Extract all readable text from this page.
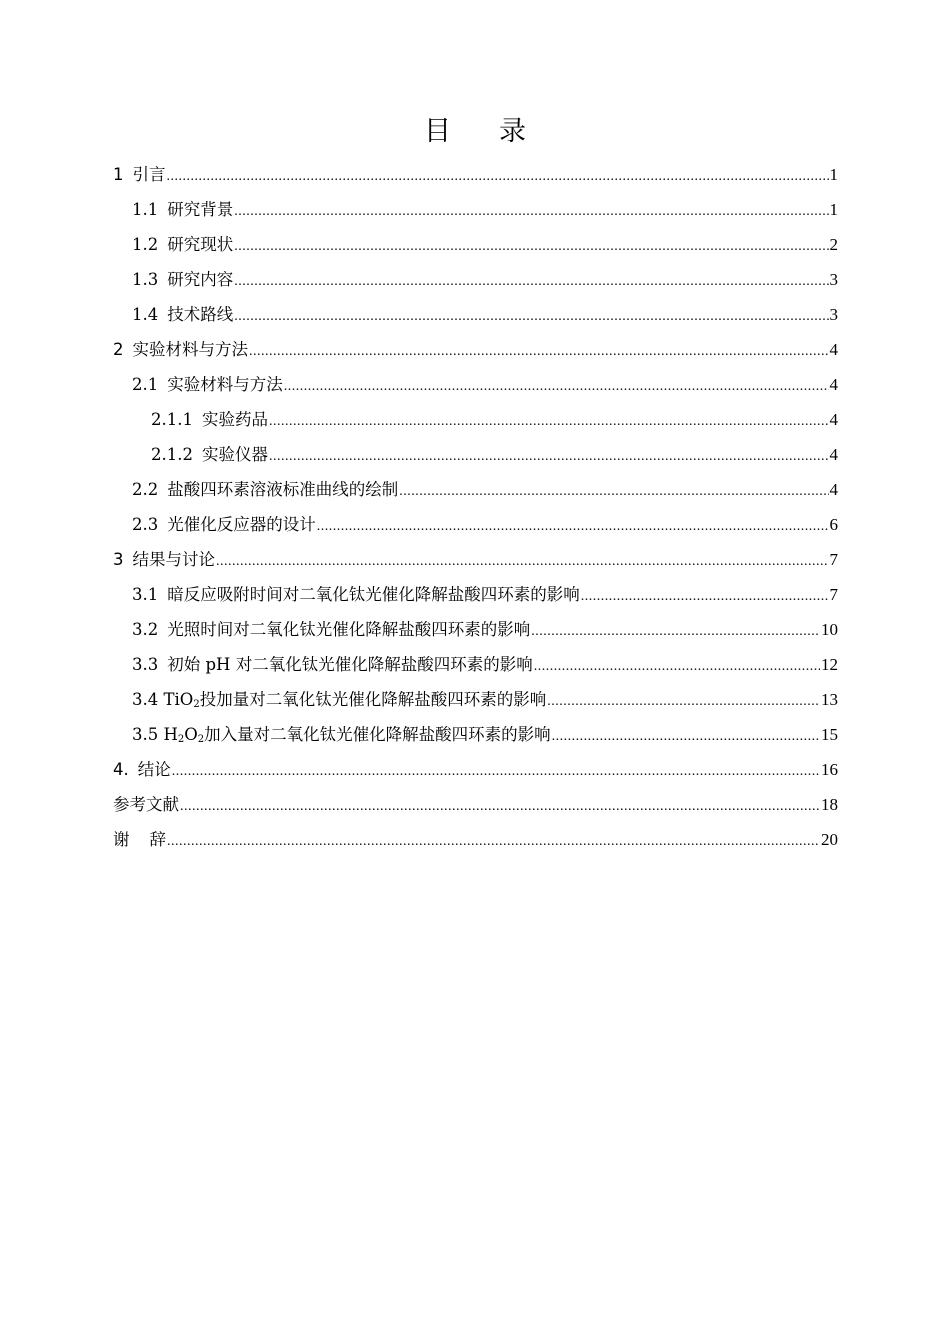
目 录
1 引言 .....	1
1.1 研究背景 .....	1
1.2 研究现状 .....	2
1.3 研究内容 .....	3
1.4 技术路线 .....	3
2 实验材料与方法 .....	4
2.1 实验材料与方法 .....	4
2.1.1 实验药品 .....	4
2.1.2 实验仪器 .....	4
2.2 盐酸四环素溶液标准曲线的绘制 .....	4
2.3 光催化反应器的设计 .....	6
3 结果与讨论 .....	7
3.1 暗反应吸附时间对二氧化钛光催化降解盐酸四环素的影响 .....	7
3.2 光照时间对二氧化钛光催化降解盐酸四环素的影响 .....	10
3.3 初始 pH 对二氧化钛光催化降解盐酸四环素的影响 .....	12
3.4 TiO$_2$投加量对二氧化钛光催化降解盐酸四环素的影响 .....	13
3.5 $H_2O_2$加入量对二氧化钛光催化降解盐酸四环素的影响 .....	15
4. 结论 .....	16
参考文献 .....	18
谢 辞 .....	20
